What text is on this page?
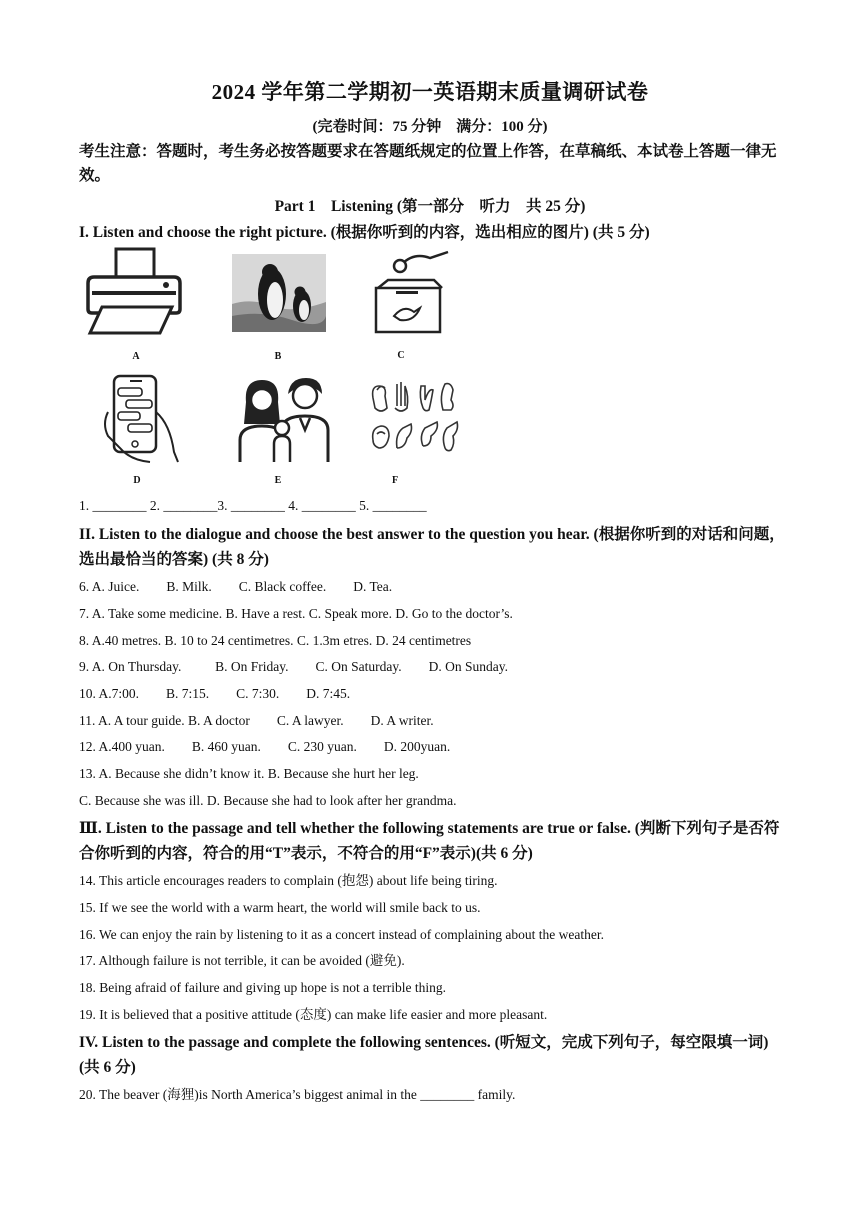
2024 学年第二学期初一英语期末质量调研试卷
(完卷时间：75 分钟　满分：100 分)
考生注意：答题时，考生务必按答题要求在答题纸规定的位置上作答，在草稿纸、本试卷上答题一律无效。
Part 1　Listening (第一部分　听力　共 25 分)
I. Listen and choose the right picture. (根据你听到的内容，选出相应的图片) (共 5 分)
A	B	C
D	E	F
1. ________ 2. ________3. ________ 4. ________ 5. ________
II. Listen to the dialogue and choose the best answer to the question you hear. (根据你听到的对话和问题，选出最恰当的答案) (共 8 分)
6. A. Juice.        B. Milk.        C. Black coffee.        D. Tea.
7. A. Take some medicine. B. Have a rest. C. Speak more. D. Go to the doctor’s.
8. A.40 metres. B. 10 to 24 centimetres. C. 1.3m etres. D. 24 centimetres
9. A. On Thursday.          B. On Friday.        C. On Saturday.        D. On Sunday.
10. A.7:00.        B. 7:15.        C. 7:30.        D. 7:45.
11. A. A tour guide. B. A doctor        C. A lawyer.        D. A writer.
12. A.400 yuan.        B. 460 yuan.        C. 230 yuan.        D. 200yuan.
13. A. Because she didn’t know it. B. Because she hurt her leg.
C. Because she was ill. D. Because she had to look after her grandma.
Ⅲ. Listen to the passage and tell whether the following statements are true or false. (判断下列句子是否符合你听到的内容，符合的用“T”表示，不符合的用“F”表示)(共 6 分)
14. This article encourages readers to complain (抱怨) about life being tiring.
15. If we see the world with a warm heart, the world will smile back to us.
16. We can enjoy the rain by listening to it as a concert instead of complaining about the weather.
17. Although failure is not terrible, it can be avoided (避免).
18. Being afraid of failure and giving up hope is not a terrible thing.
19. It is believed that a positive attitude (态度) can make life easier and more pleasant.
IV. Listen to the passage and complete the following sentences. (听短文，完成下列句子，每空限填一词) (共 6 分)
20. The beaver (海狸)is North America’s biggest animal in the ________ family.
